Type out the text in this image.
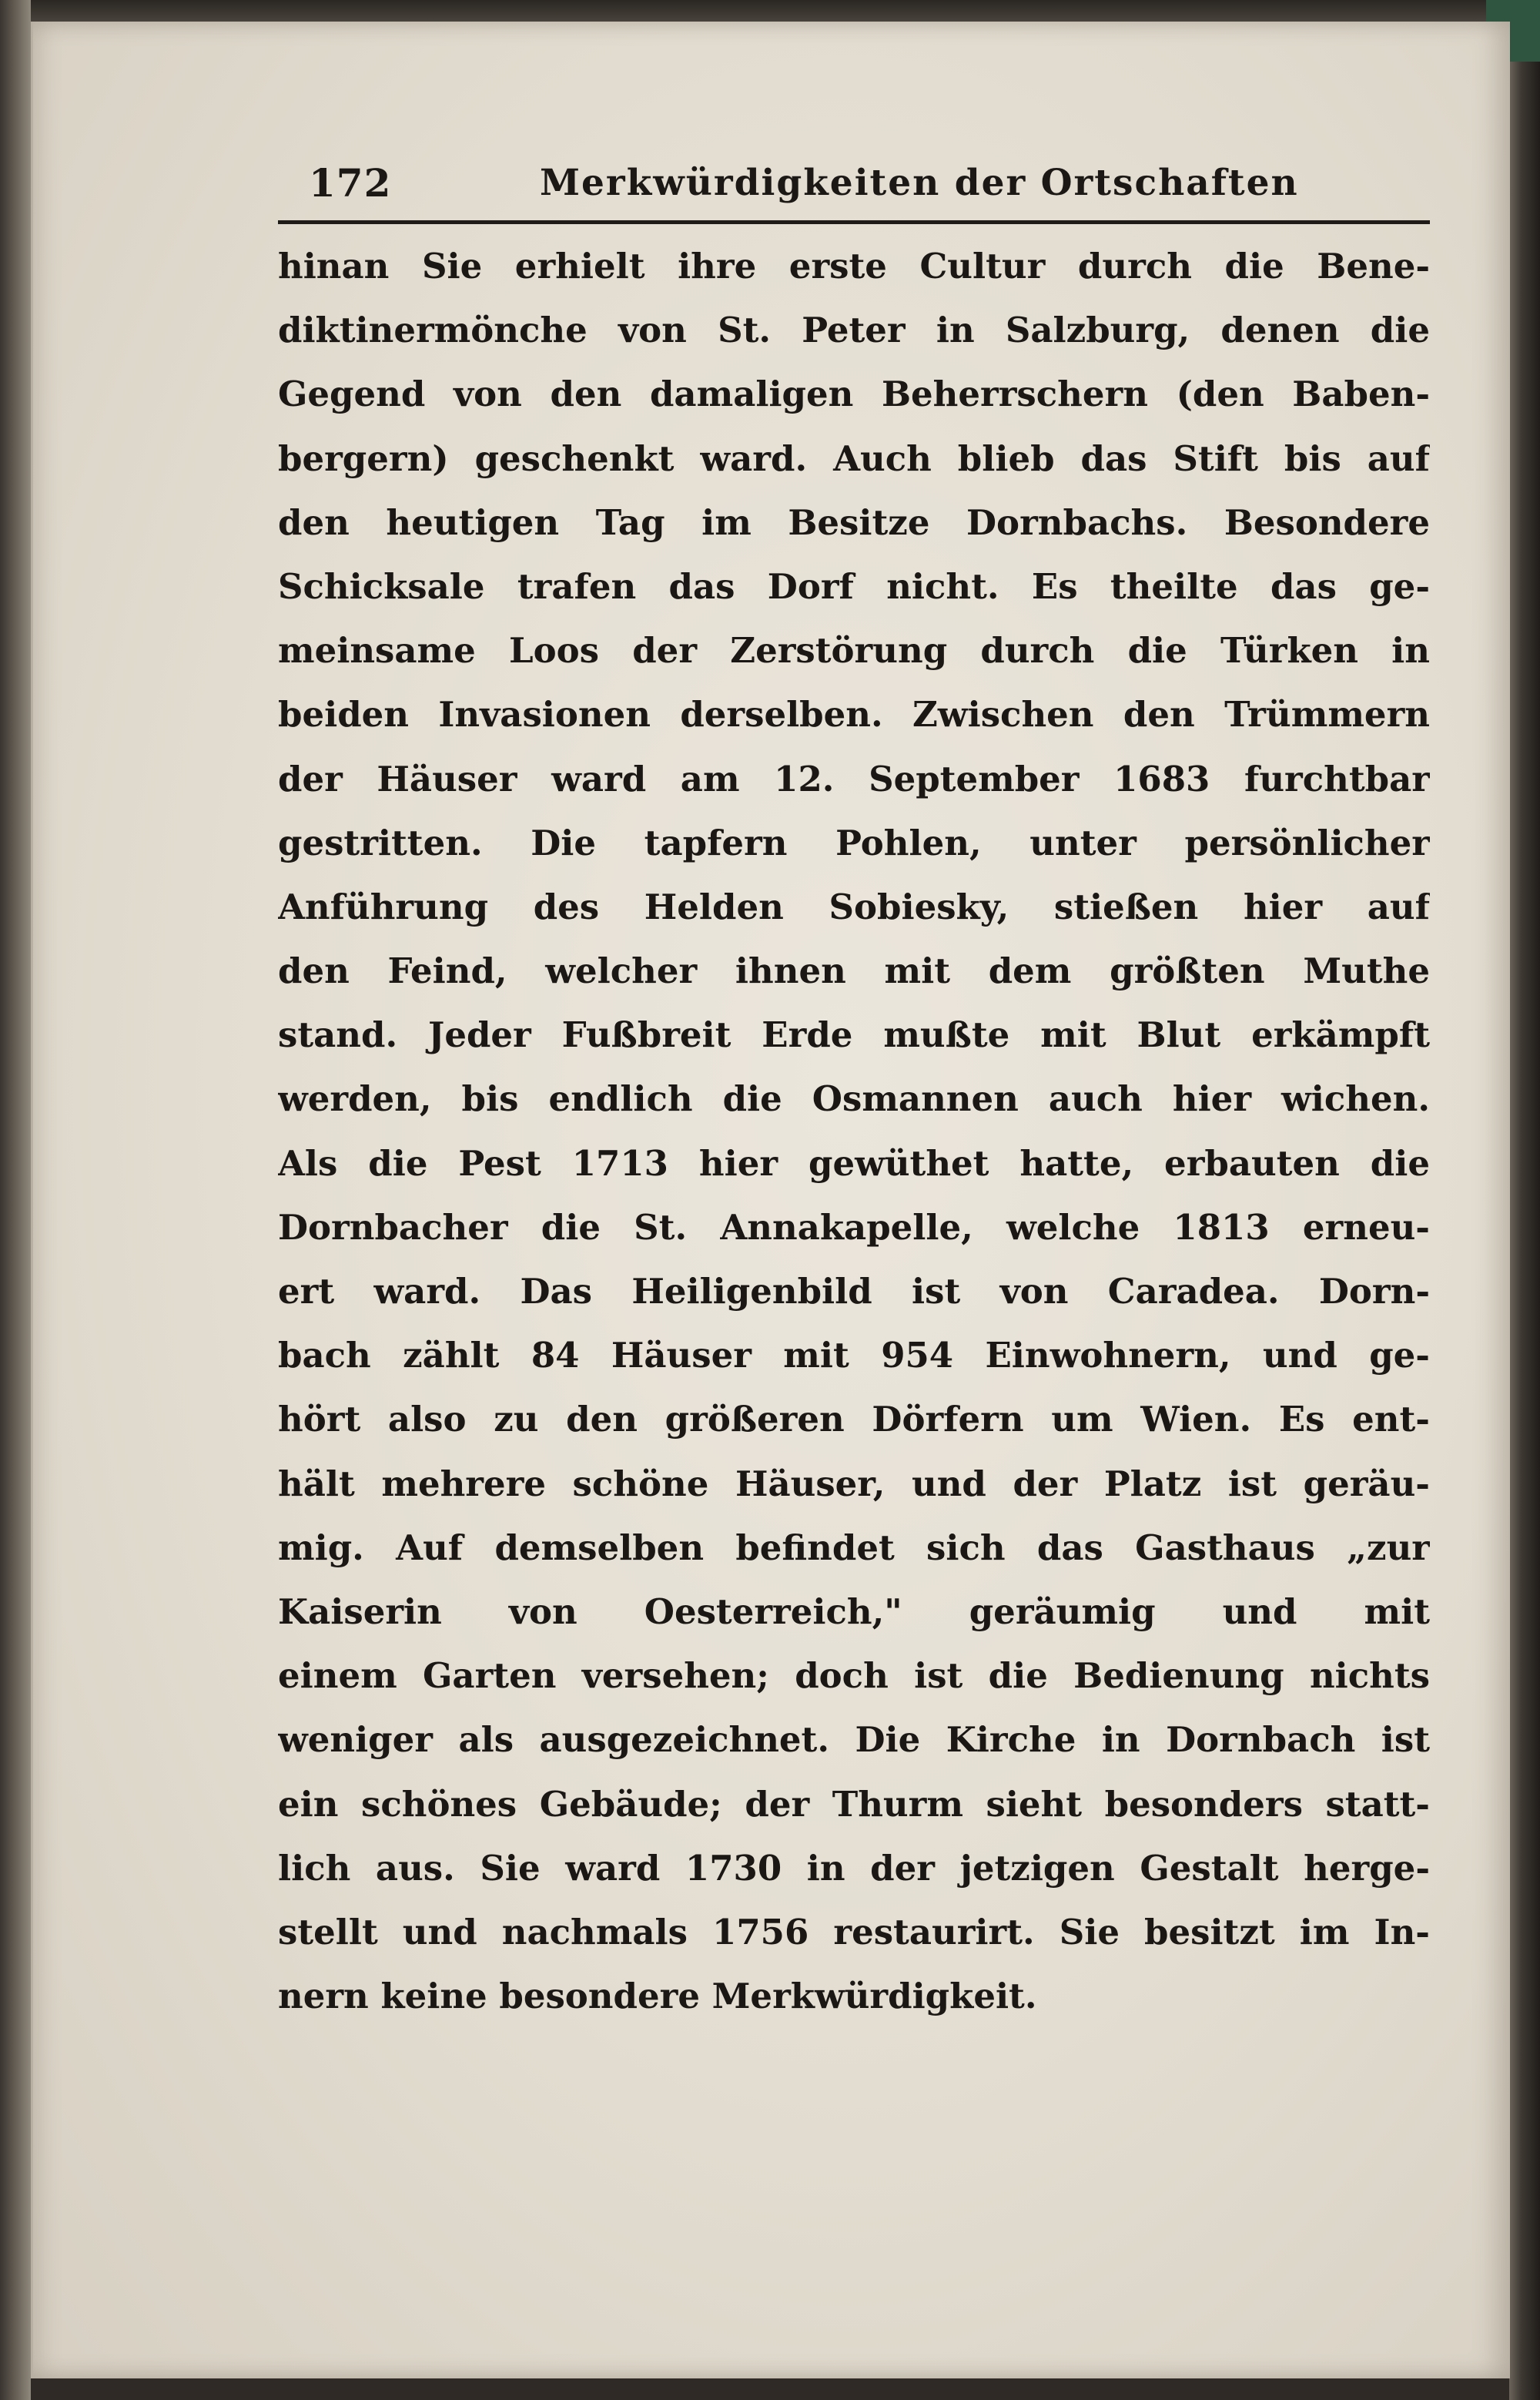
172	Merkwürdigkeiten der Ortschaften
hinan Sie erhielt ihre erste Cultur durch die Bene-
diktinermönche von St. Peter in Salzburg, denen die
Gegend von den damaligen Beherrschern (den Baben-
bergern) geschenkt ward. Auch blieb das Stift bis auf
den heutigen Tag im Besitze Dornbachs. Besondere
Schicksale trafen das Dorf nicht. Es theilte das ge-
meinsame Loos der Zerstörung durch die Türken in
beiden Invasionen derselben. Zwischen den Trümmern
der Häuser ward am 12. September 1683 furchtbar
gestritten. Die tapfern Pohlen, unter persönlicher
Anführung des Helden Sobiesky, stießen hier auf
den Feind, welcher ihnen mit dem größten Muthe
stand. Jeder Fußbreit Erde mußte mit Blut erkämpft
werden, bis endlich die Osmannen auch hier wichen.
Als die Pest 1713 hier gewüthet hatte, erbauten die
Dornbacher die St. Annakapelle, welche 1813 erneu-
ert ward. Das Heiligenbild ist von Caradea. Dorn-
bach zählt 84 Häuser mit 954 Einwohnern, und ge-
hört also zu den größeren Dörfern um Wien. Es ent-
hält mehrere schöne Häuser, und der Platz ist geräu-
mig. Auf demselben befindet sich das Gasthaus „zur
Kaiserin von Oesterreich," geräumig und mit
einem Garten versehen; doch ist die Bedienung nichts
weniger als ausgezeichnet. Die Kirche in Dornbach ist
ein schönes Gebäude; der Thurm sieht besonders statt-
lich aus. Sie ward 1730 in der jetzigen Gestalt herge-
stellt und nachmals 1756 restaurirt. Sie besitzt im In-
nern keine besondere Merkwürdigkeit.
